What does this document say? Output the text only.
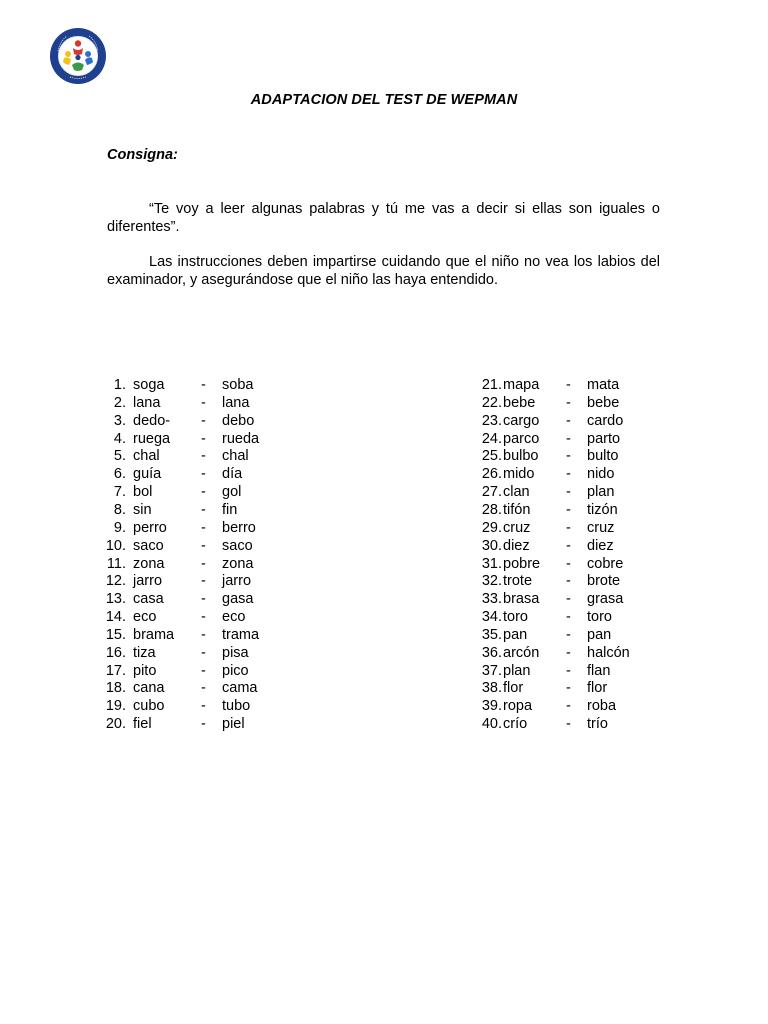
ADAPTACION DEL TEST DE WEPMAN
Consigna:
“Te voy a leer algunas palabras y tú me vas a decir si ellas son iguales o diferentes”.
Las instrucciones deben impartirse cuidando que el niño no vea los labios del examinador, y asegurándose que el niño las haya entendido.
1. soga	- soba
2. lana	- lana
3. dedo- - debo
4. ruega - rueda
5. chal	- chal
6. guía	- día
7. bol	- gol
8. sin	- fin
9. perro - berro
10. saco	- saco
11. zona	- zona
12. jarro	- jarro
13. casa	- gasa
14. eco	- eco
15. brama - trama
16. tiza	- pisa
17. pito	- pico
18. cana	- cama
19. cubo	- tubo
20. fiel	- piel
21. mapa - mata
22. bebe - bebe
23. cargo - cardo
24. parco - parto
25. bulbo - bulto
26. mido - nido
27. clan	- plan
28. tifón - tizón
29. cruz - cruz
30. diez	- diez
31. pobre - cobre
32. trote - brote
33. brasa - grasa
34. toro	- toro
35. pan	- pan
36. arcón - halcón
37. plan - flan
38. flor	- flor
39. ropa - roba
40. crío	- trío
